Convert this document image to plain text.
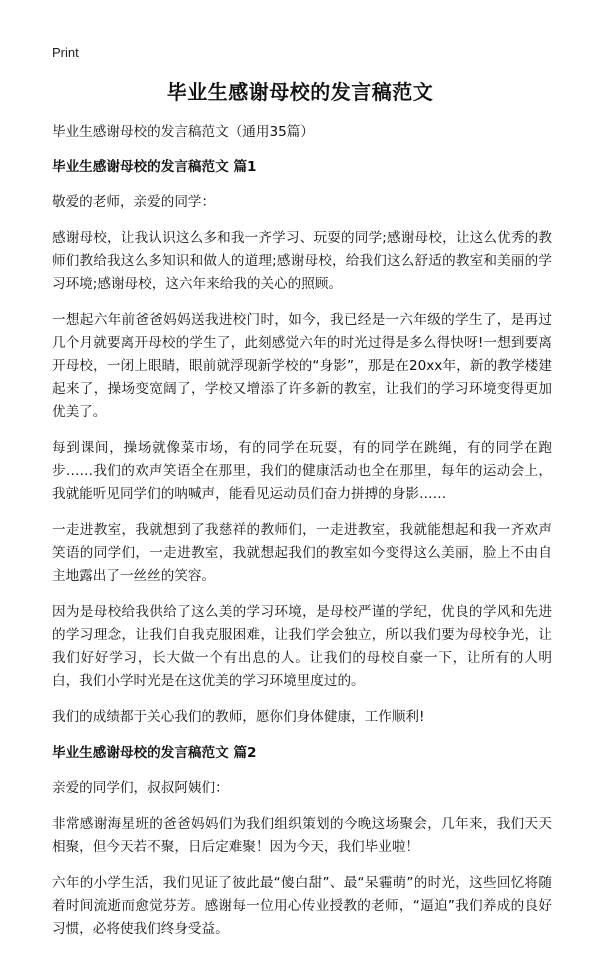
Print
毕业生感谢母校的发言稿范文

毕业生感谢母校的发言稿范文（通用35篇）

毕业生感谢母校的发言稿范文 篇1

敬爱的老师，亲爱的同学：

感谢母校，让我认识这么多和我一齐学习、玩耍的同学;感谢母校，让这么优秀的教师们教给我这么多知识和做人的道理;感谢母校，给我们这么舒适的教室和美丽的学习环境;感谢母校，这六年来给我的关心的照顾。

一想起六年前爸爸妈妈送我进校门时，如今，我已经是一六年级的学生了，是再过几个月就要离开母校的学生了，此刻感觉六年的时光过得是多么得快呀!一想到要离开母校，一闭上眼睛，眼前就浮现新学校的“身影”，那是在20xx年，新的教学楼建起来了，操场变宽阔了，学校又增添了许多新的教室，让我们的学习环境变得更加优美了。

每到课间，操场就像菜市场，有的同学在玩耍，有的同学在跳绳，有的同学在跑步……我们的欢声笑语全在那里，我们的健康活动也全在那里，每年的运动会上，我就能听见同学们的呐喊声，能看见运动员们奋力拼搏的身影……

一走进教室，我就想到了我慈祥的教师们，一走进教室，我就能想起和我一齐欢声笑语的同学们，一走进教室，我就想起我们的教室如今变得这么美丽，脸上不由自主地露出了一丝丝的笑容。

因为是母校给我供给了这么美的学习环境，是母校严谨的学纪，优良的学风和先进的学习理念，让我们自我克服困难，让我们学会独立，所以我们要为母校争光，让我们好好学习，长大做一个有出息的人。让我们的母校自豪一下，让所有的人明白，我们小学时光是在这优美的学习环境里度过的。

我们的成绩都于关心我们的教师，愿你们身体健康，工作顺利!

毕业生感谢母校的发言稿范文 篇2

亲爱的同学们，叔叔阿姨们：

非常感谢海星班的爸爸妈妈们为我们组织策划的今晚这场聚会，几年来，我们天天相聚，但今天若不聚，日后定难聚！因为今天，我们毕业啦！

六年的小学生活，我们见证了彼此最“傻白甜”、最“呆霾萌”的时光，这些回忆将随着时间流逝而愈觉芬芳。感谢每一位用心传业授教的老师，“逼迫”我们养成的良好习惯，必将使我们终身受益。
